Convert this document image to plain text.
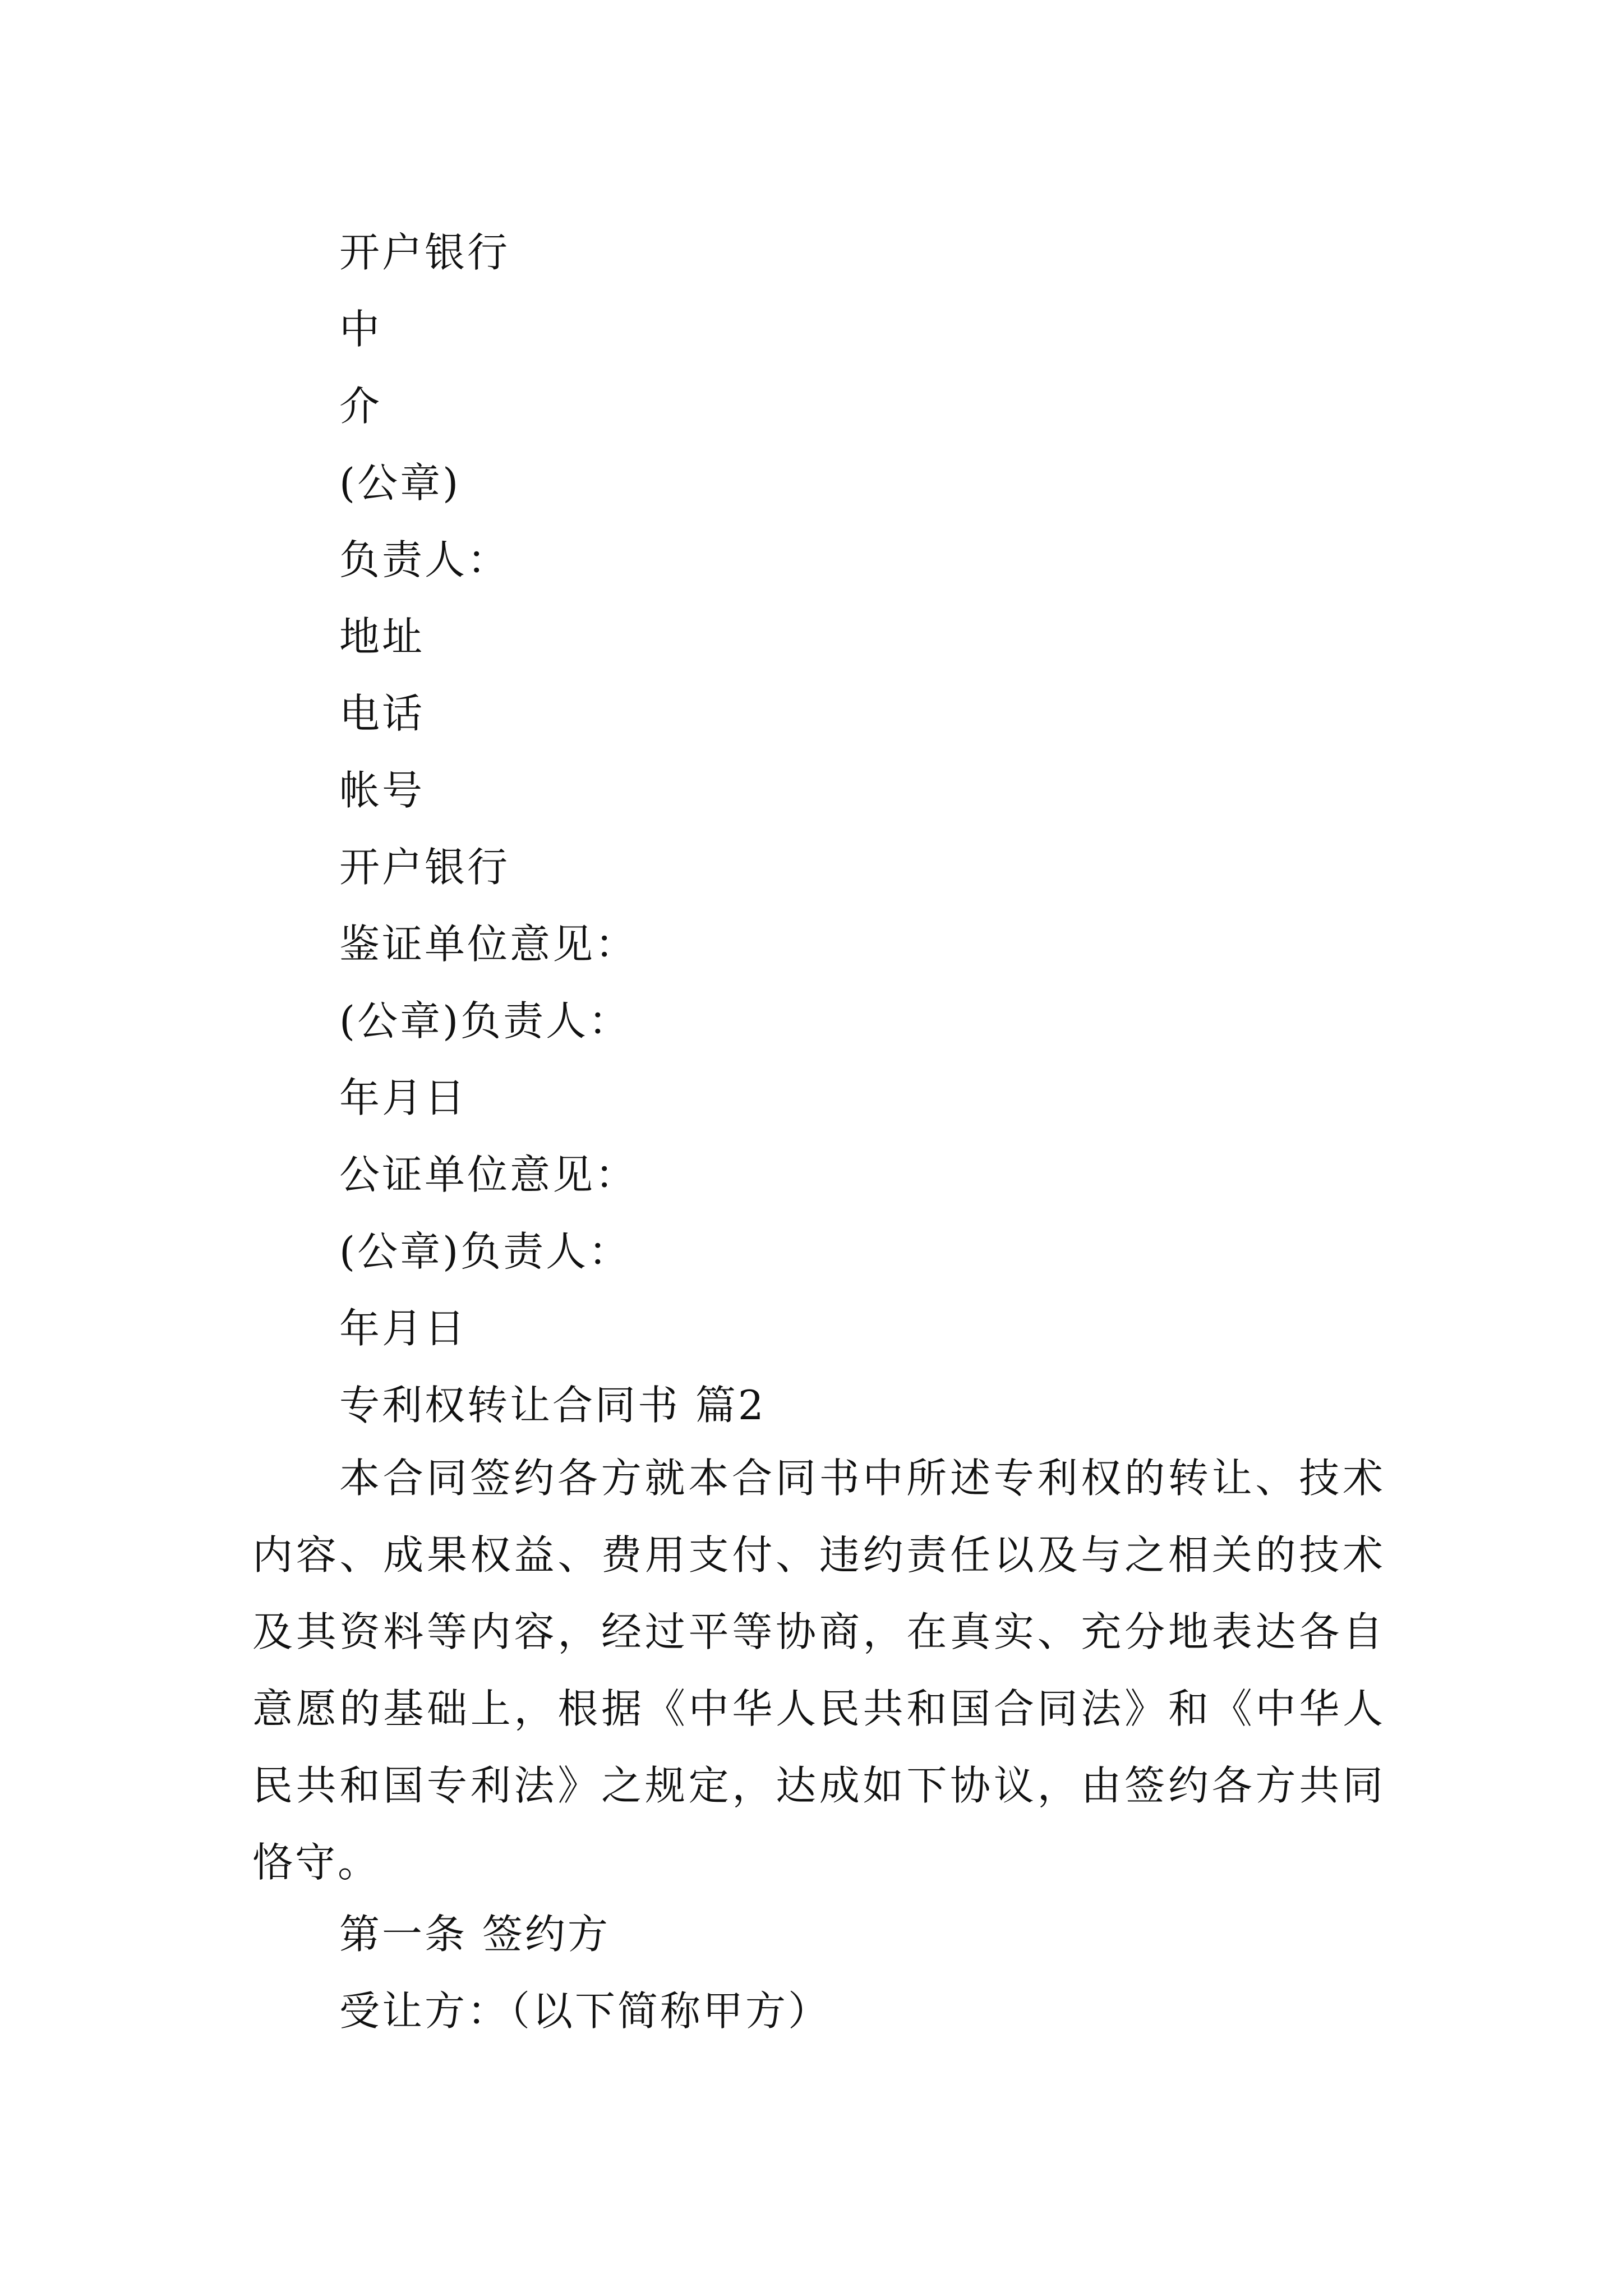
开户银行
中
介
(公章)
负责人：
地址
电话
帐号
开户银行
鉴证单位意见：
(公章)负责人：
年月日
公证单位意见：
(公章)负责人：
年月日
专利权转让合同书 篇2
本合同签约各方就本合同书中所述专利权的转让、技术内容、成果权益、费用支付、违约责任以及与之相关的技术及其资料等内容，经过平等协商，在真实、充分地表达各自意愿的基础上，根据《中华人民共和国合同法》和《中华人民共和国专利法》之规定，达成如下协议，由签约各方共同恪守。
第一条 签约方
受让方：（以下简称甲方）
